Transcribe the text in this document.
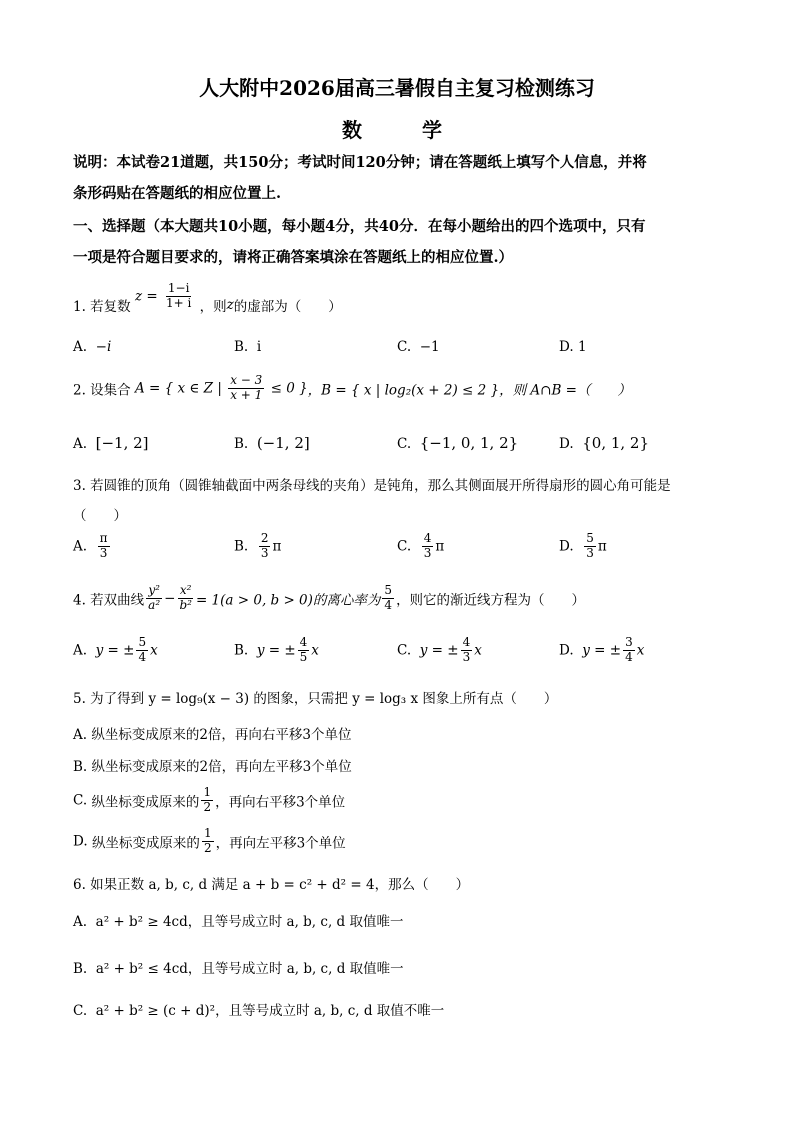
人大附中2026届高三暑假自主复习检测练习
数　学
说明：本试卷21道题，共150分；考试时间120分钟；请在答题纸上填写个人信息，并将
条形码贴在答题纸的相应位置上.
一、选择题（本大题共10小题，每小题4分，共40分．在每小题给出的四个选项中，只有
一项是符合题目要求的，请将正确答案填涂在答题纸上的相应位置.）
1. 若复数 $z = \frac{1-i}{1+ i}$ ，则z的虚部为（　　）
A. −i	B. i	C. −1	D. 1
2. 设集合 A = { x ∈ Z | $\frac{x - 3}{x + 1} \le 0$ }，B = { x | log₂(x + 2) ≤ 2 }，则 A∩B =（　　）
A. [−1, 2]	B. (−1, 2]	C. {−1, 0, 1, 2}	D. {0, 1, 2}
3. 若圆锥的顶角（圆锥轴截面中两条母线的夹角）是钝角，那么其侧面展开所得扇形的圆心角可能是
（　　）
A. $\frac{\pi}{3}$	B. $\frac{2}{3}$ π	C. $\frac{4}{3}$ π	D. $\frac{5}{3}$ π
4. 若双曲线 $\frac{\text{y²}}{\text{a²}} - \frac{\text{x²}}{\text{b²}} = 1(a > 0$, b > 0)的离心率为 $\frac{5}{4}$ ，则它的渐近线方程为（　　）
A. y = ± $\frac{5}{4}$ x	B. y = ± $\frac{4}{5}$ x	C. y = ± $\frac{4}{3}$ x	D. y = ± $\frac{3}{4}$ x
5. 为了得到 y = log₉(x − 3) 的图象，只需把 y = log₃ x 图象上所有点（　　）
A. 纵坐标变成原来的2倍，再向右平移3个单位
B. 纵坐标变成原来的2倍，再向左平移3个单位
C. 纵坐标变成原来的 $\frac{1}{2}$ ，再向右平移3个单位
D. 纵坐标变成原来的 $\frac{1}{2}$ ，再向左平移3个单位
6. 如果正数 a, b, c, d 满足 a + b = c² + d² = 4，那么（　　）
A. a² + b² ≥ 4cd，且等号成立时 a, b, c, d 取值唯一
B. a² + b² ≤ 4cd，且等号成立时 a, b, c, d 取值唯一
C. a² + b² ≥ (c + d)²，且等号成立时 a, b, c, d 取值不唯一
